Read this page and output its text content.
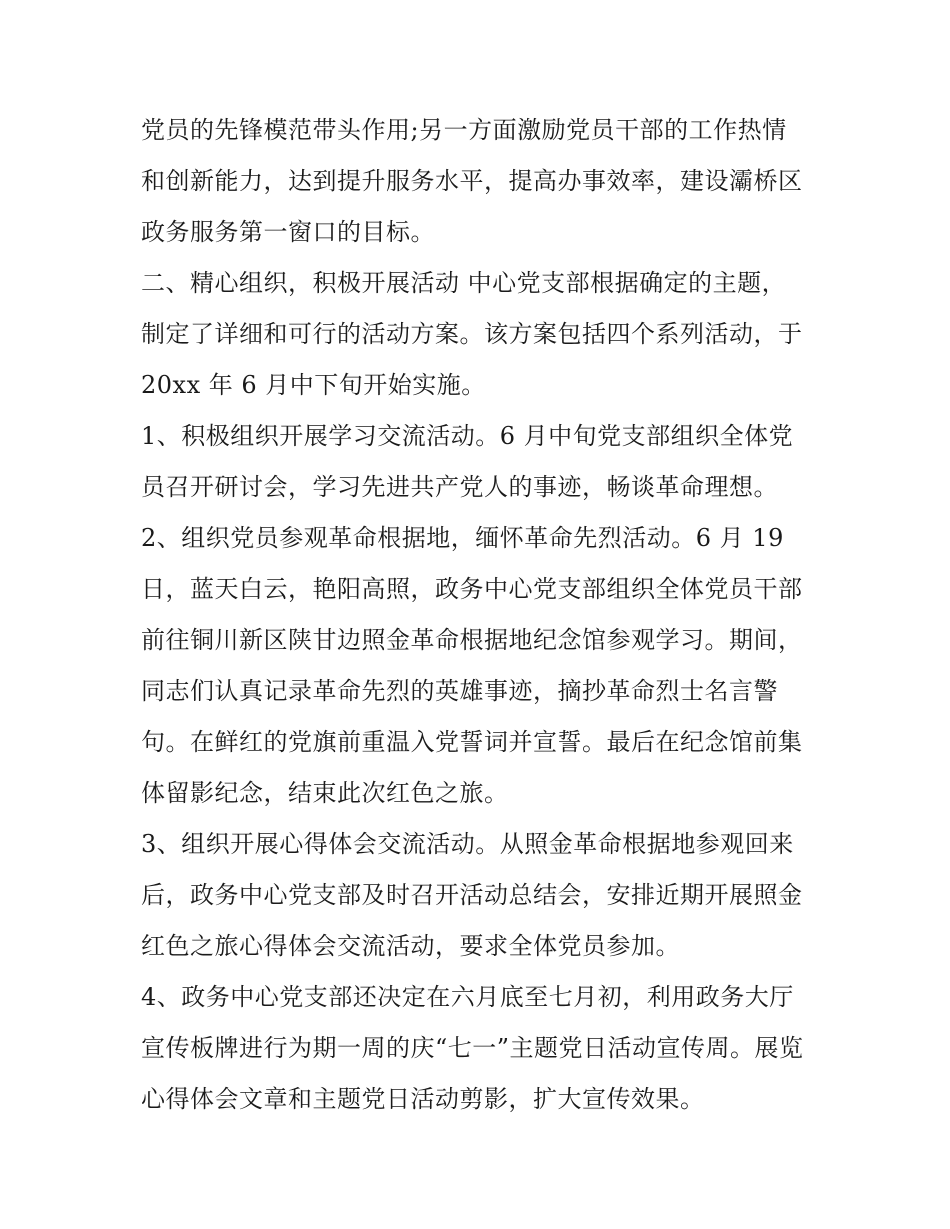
党员的先锋模范带头作用;另一方面激励党员干部的工作热情
和创新能力，达到提升服务水平，提高办事效率，建设灞桥区
政务服务第一窗口的目标。
二、精心组织，积极开展活动 中心党支部根据确定的主题，
制定了详细和可行的活动方案。该方案包括四个系列活动，于
20xx 年 6 月中下旬开始实施。
1、积极组织开展学习交流活动。6 月中旬党支部组织全体党
员召开研讨会，学习先进共产党人的事迹，畅谈革命理想。
2、组织党员参观革命根据地，缅怀革命先烈活动。6 月 19
日，蓝天白云，艳阳高照，政务中心党支部组织全体党员干部
前往铜川新区陕甘边照金革命根据地纪念馆参观学习。期间，
同志们认真记录革命先烈的英雄事迹，摘抄革命烈士名言警
句。在鲜红的党旗前重温入党誓词并宣誓。最后在纪念馆前集
体留影纪念，结束此次红色之旅。
3、组织开展心得体会交流活动。从照金革命根据地参观回来
后，政务中心党支部及时召开活动总结会，安排近期开展照金
红色之旅心得体会交流活动，要求全体党员参加。
4、政务中心党支部还决定在六月底至七月初，利用政务大厅
宣传板牌进行为期一周的庆“七一”主题党日活动宣传周。展览
心得体会文章和主题党日活动剪影，扩大宣传效果。
